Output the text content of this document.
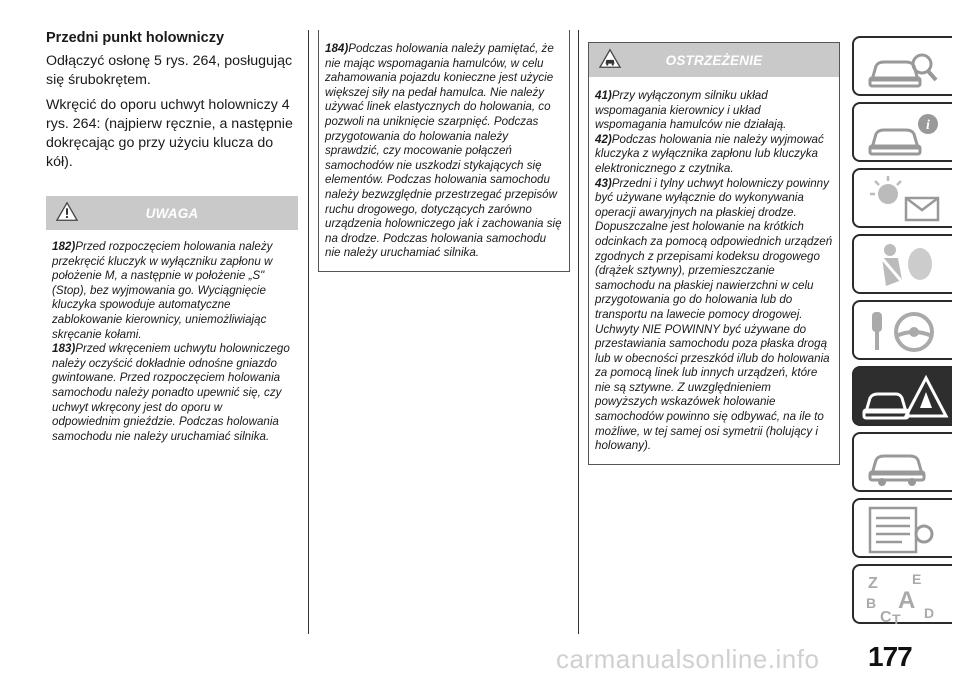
Przedni punkt holowniczy

Odłączyć osłonę 5 rys. 264, posługując się śrubokrętem.

Wkręcić do oporu uchwyt holowniczy 4 rys. 264: (najpierw ręcznie, a następnie dokręcając go przy użyciu klucza do kół).

UWAGA

182)Przed rozpoczęciem holowania należy przekręcić kluczyk w wyłączniku zapłonu w położenie M, a następnie w położenie „S" (Stop), bez wyjmowania go. Wyciągnięcie kluczyka spowoduje automatyczne zablokowanie kierownicy, uniemożliwiając skręcanie kołami.

183)Przed wkręceniem uchwytu holowniczego należy oczyścić dokładnie odnośne gniazdo gwintowane. Przed rozpoczęciem holowania samochodu należy ponadto upewnić się, czy uchwyt wkręcony jest do oporu w odpowiednim gnieździe. Podczas holowania samochodu nie należy uruchamiać silnika.

184)Podczas holowania należy pamiętać, że nie mając wspomagania hamulców, w celu zahamowania pojazdu konieczne jest użycie większej siły na pedał hamulca. Nie należy używać linek elastycznych do holowania, co pozwoli na uniknięcie szarpnięć. Podczas przygotowania do holowania należy sprawdzić, czy mocowanie połączeń samochodów nie uszkodzi stykających się elementów. Podczas holowania samochodu należy bezwzględnie przestrzegać przepisów ruchu drogowego, dotyczących zarówno urządzenia holowniczego jak i zachowania się na drodze. Podczas holowania samochodu nie należy uruchamiać silnika.

OSTRZEŻENIE

41)Przy wyłączonym silniku układ wspomagania kierownicy i układ wspomagania hamulców nie działają.

42)Podczas holowania nie należy wyjmować kluczyka z wyłącznika zapłonu lub kluczyka elektronicznego z czytnika.

43)Przedni i tylny uchwyt holowniczy powinny być używane wyłącznie do wykonywania operacji awaryjnych na płaskiej drodze. Dopuszczalne jest holowanie na krótkich odcinkach za pomocą odpowiednich urządzeń zgodnych z przepisami kodeksu drogowego (drążek sztywny), przemieszczanie samochodu na płaskiej nawierzchni w celu przygotowania go do holowania lub do transportu na lawecie pomocy drogowej. Uchwyty NIE POWINNY być używane do przestawiania samochodu poza płaska drogą lub w obecności przeszkód i/lub do holowania za pomocą linek lub innych urządzeń, które nie są sztywne. Z uwzględnieniem powyższych wskazówek holowanie samochodów powinno się odbywać, na ile to możliwe, w tej samej osi symetrii (holujący i holowany).

i
Z E
B A
C T D
carmanualsonline.info 177
